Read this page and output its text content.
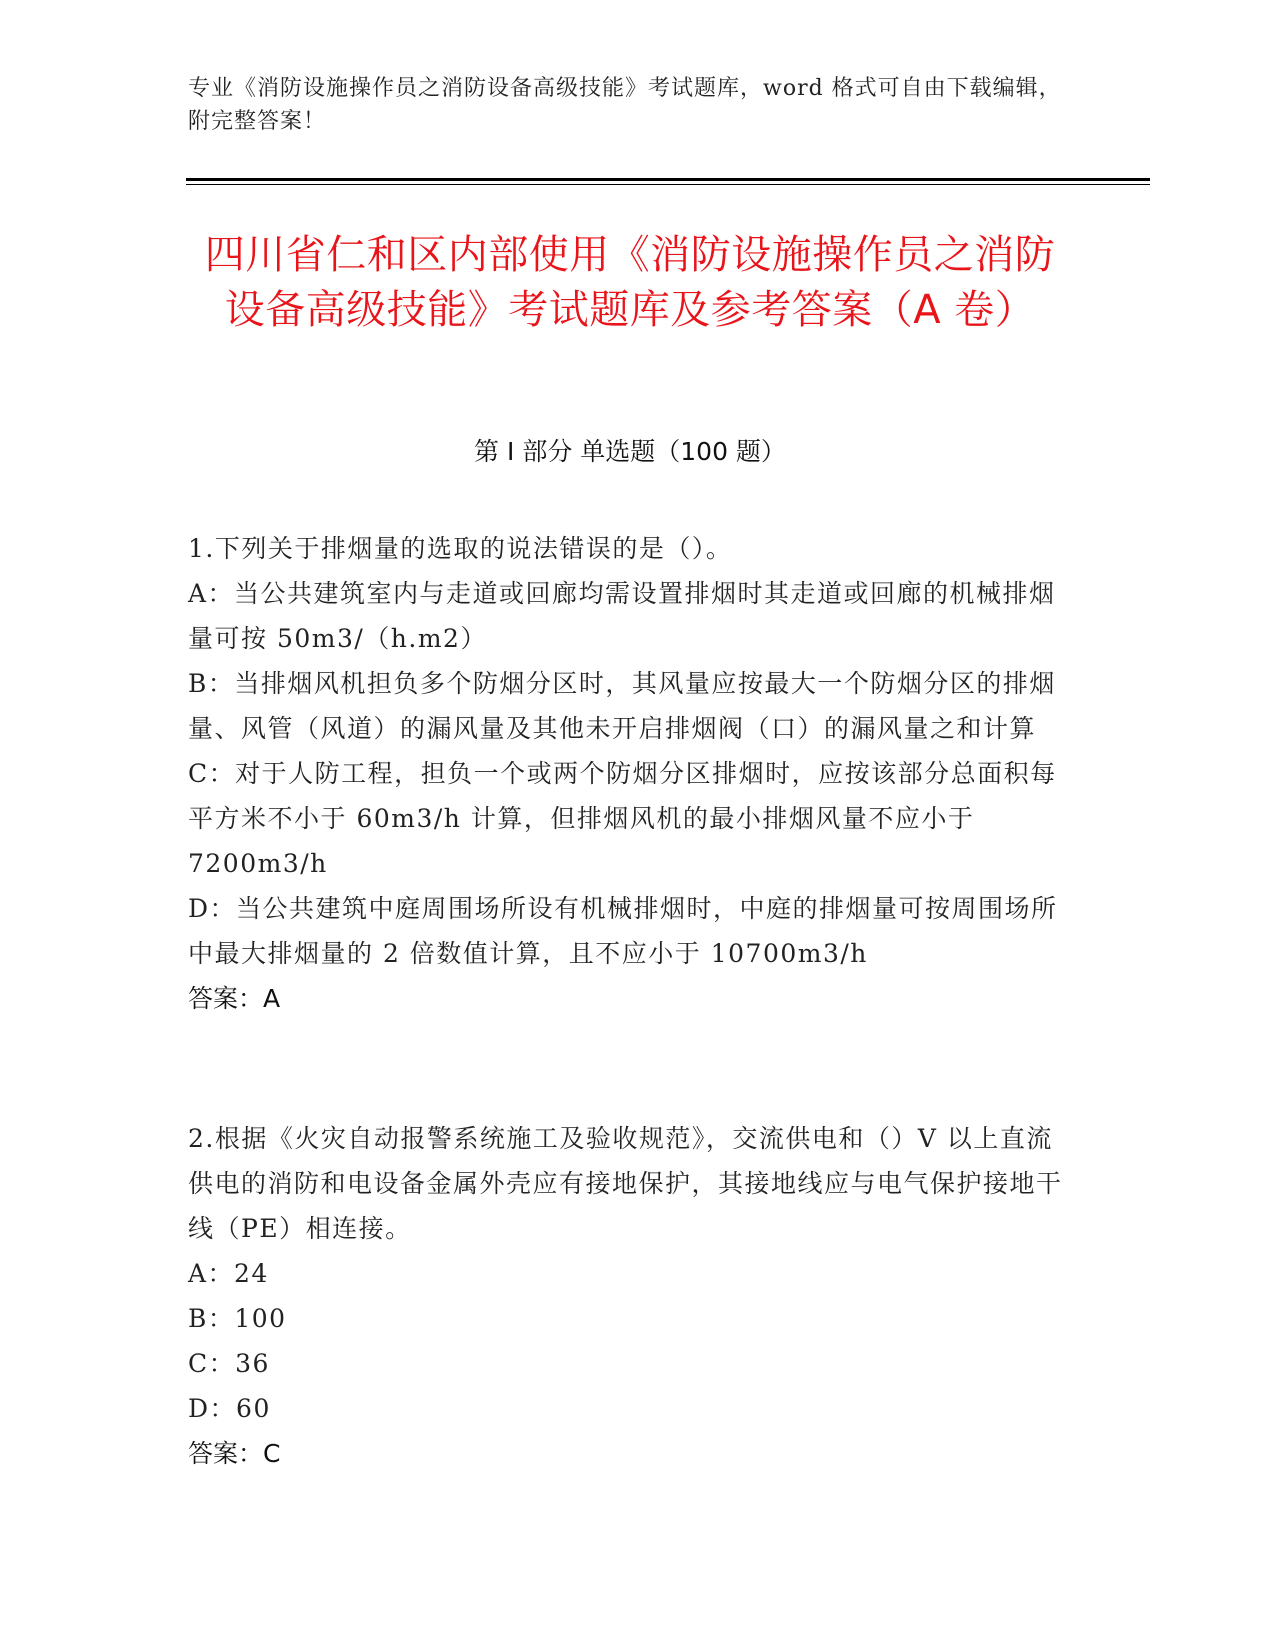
专业《消防设施操作员之消防设备高级技能》考试题库，word 格式可自由下载编辑，附完整答案！
四川省仁和区内部使用《消防设施操作员之消防设备高级技能》考试题库及参考答案（A 卷）
第 I 部分 单选题（100 题）

1.下列关于排烟量的选取的说法错误的是（）。

A：当公共建筑室内与走道或回廊均需设置排烟时其走道或回廊的机械排烟量可按 50m3/（h.m2）

B：当排烟风机担负多个防烟分区时，其风量应按最大一个防烟分区的排烟量、风管（风道）的漏风量及其他未开启排烟阀（口）的漏风量之和计算

C：对于人防工程，担负一个或两个防烟分区排烟时，应按该部分总面积每平方米不小于 60m3/h 计算，但排烟风机的最小排烟风量不应小于 7200m3/h

D：当公共建筑中庭周围场所设有机械排烟时，中庭的排烟量可按周围场所中最大排烟量的 2 倍数值计算，且不应小于 10700m3/h

答案：A

2.根据《火灾自动报警系统施工及验收规范》，交流供电和（）V 以上直流供电的消防和电设备金属外壳应有接地保护，其接地线应与电气保护接地干线（PE）相连接。

A：24

B：100

C：36

D：60

答案：C
